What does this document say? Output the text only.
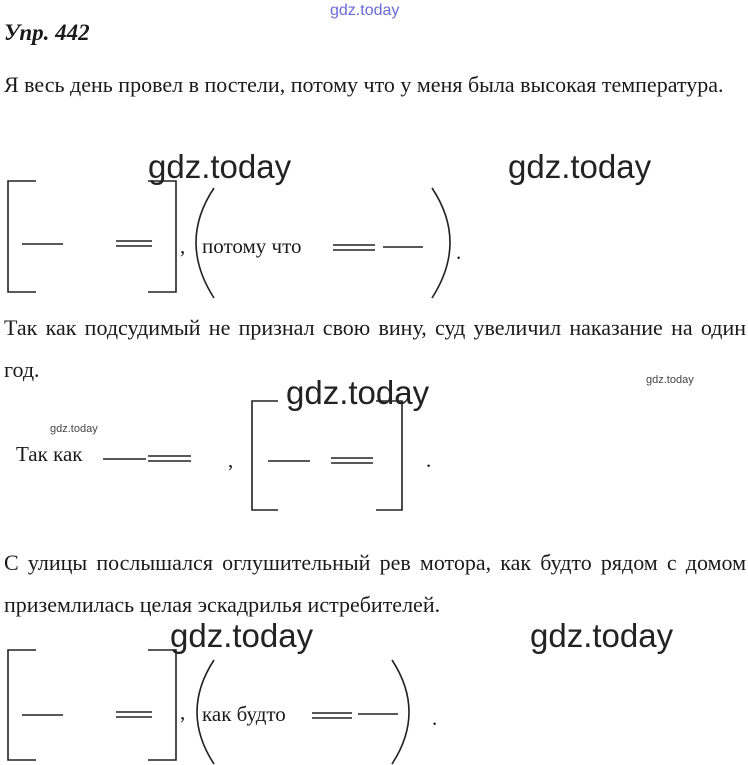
gdz.today
Упр. 442
Я весь день провел в постели, потому что у меня была высокая температура.
gdz.today	gdz.today
, потому что	.
Так как подсудимый не признал свою вину, суд увеличил наказание на один год.
gdz.today	gdz.today
gdz.today
Так как	,	.
С улицы послышался оглушительный рев мотора, как будто рядом с домом приземлилась целая эскадрилья истребителей.
gdz.today	gdz.today
, как будто	.
